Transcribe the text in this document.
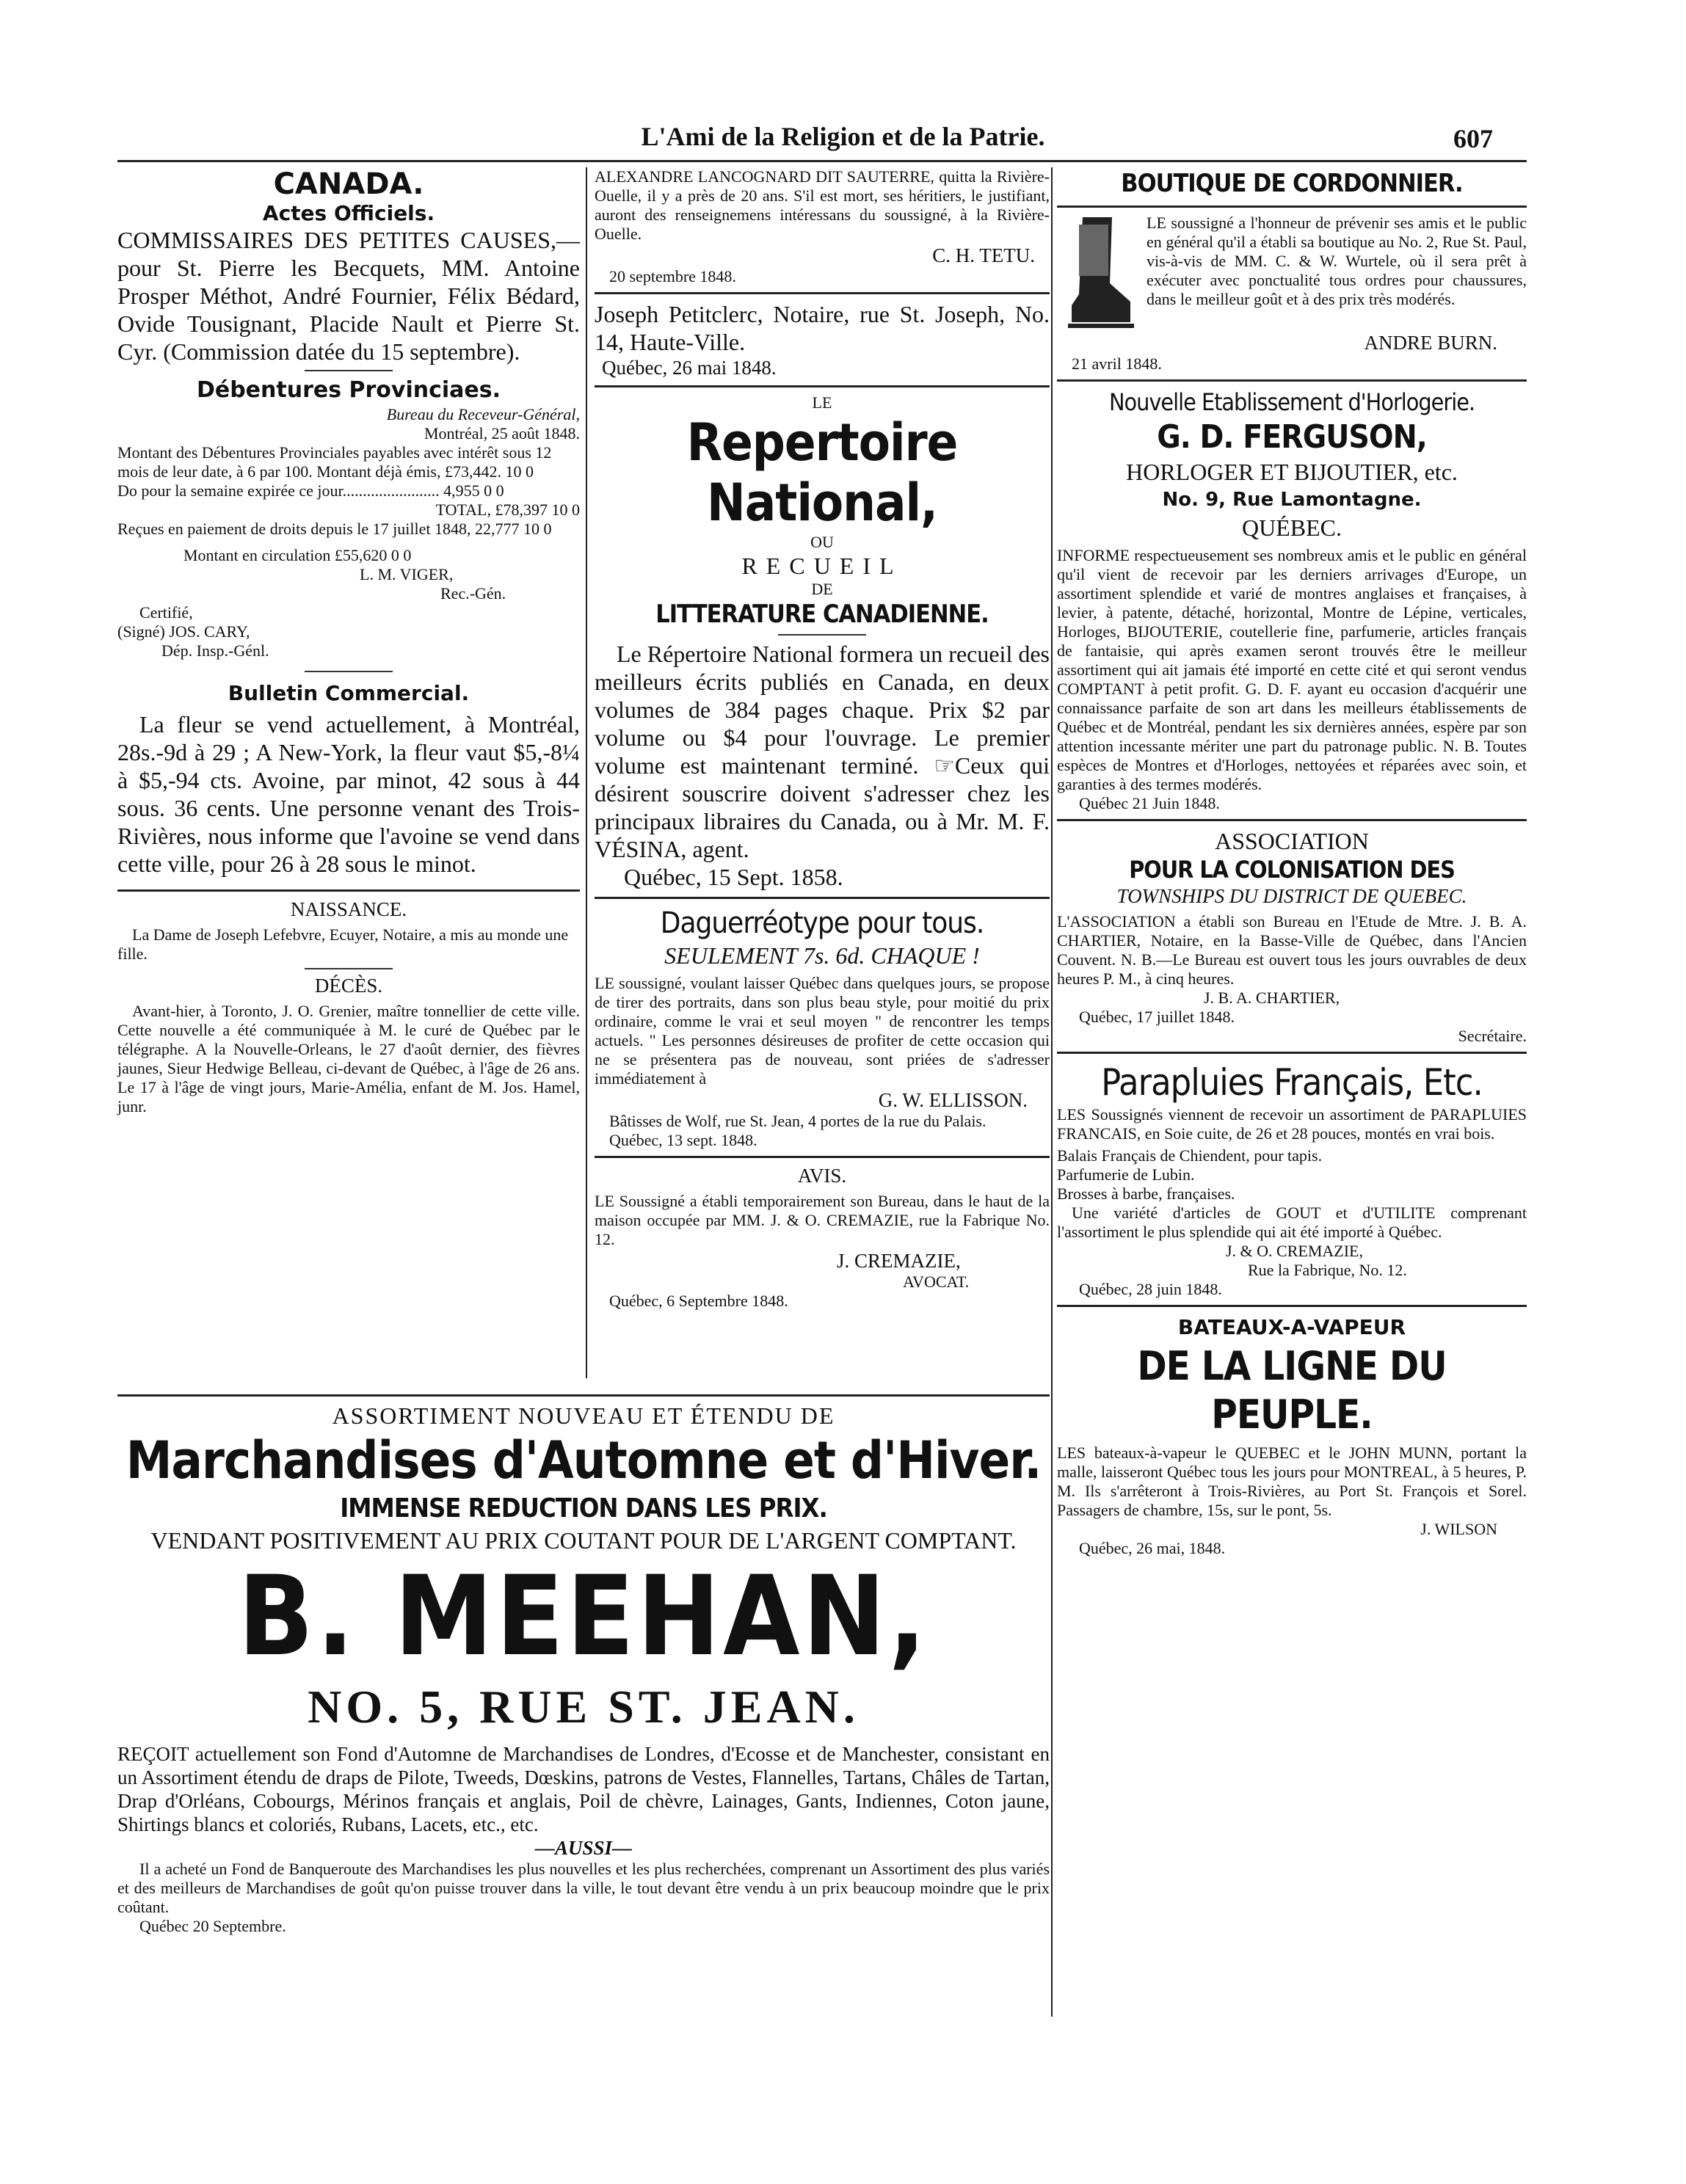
L'Ami de la Religion et de la Patrie.	607
CANADA.
Actes Officiels.

COMMISSAIRES DES PETITES CAUSES,—pour St. Pierre les Becquets, MM. Antoine Prosper Méthot, André Fournier, Félix Bédard, Ovide Tousignant, Placide Nault et Pierre St. Cyr. (Commission datée du 15 septembre).

Débentures Provinciaes.
Bureau du Receveur-Général,
Montréal, 25 août 1848.

Montant des Débentures Provinciales payables avec intérêt sous 12 mois de leur date, à 6 par 100. Montant déjà émis, £73,442. 10 0

Do pour la semaine expirée ce jour........................ 4,955 0 0

TOTAL, £78,397 10 0

Reçues en paiement de droits depuis le 17 juillet 1848, 22,777 10 0

Montant en circulation £55,620 0 0

L. M. VIGER,

Rec.-Gén.

Certifié,

(Signé) JOS. CARY,

Dép. Insp.-Génl.

Bulletin Commercial.

La fleur se vend actuellement, à Montréal, 28s.-9d à 29 ; A New-York, la fleur vaut $5,-8¼ à $5,-94 cts. Avoine, par minot, 42 sous à 44 sous. 36 cents. Une personne venant des Trois-Rivières, nous informe que l'avoine se vend dans cette ville, pour 26 à 28 sous le minot.

NAISSANCE.

La Dame de Joseph Lefebvre, Ecuyer, Notaire, a mis au monde une fille.

DÉCÈS.

Avant-hier, à Toronto, J. O. Grenier, maître tonnellier de cette ville. Cette nouvelle a été communiquée à M. le curé de Québec par le télégraphe. A la Nouvelle-Orleans, le 27 d'août dernier, des fièvres jaunes, Sieur Hedwige Belleau, ci-devant de Québec, à l'âge de 26 ans. Le 17 à l'âge de vingt jours, Marie-Amélia, enfant de M. Jos. Hamel, junr.

ALEXANDRE LANCOGNARD DIT SAUTERRE, quitta la Rivière-Ouelle, il y a près de 20 ans. S'il est mort, ses héritiers, le justifiant, auront des renseignemens intéressans du soussigné, à la Rivière-Ouelle.

C. H. TETU.

20 septembre 1848.

Joseph Petitclerc, Notaire, rue St. Joseph, No. 14, Haute-Ville.

Québec, 26 mai 1848.

LE
Repertoire National,
OU
RECUEIL
DE
LITTERATURE CANADIENNE.

Le Répertoire National formera un recueil des meilleurs écrits publiés en Canada, en deux volumes de 384 pages chaque. Prix $2 par volume ou $4 pour l'ouvrage. Le premier volume est maintenant terminé. ☞Ceux qui désirent souscrire doivent s'adresser chez les principaux libraires du Canada, ou à Mr. M. F. VÉSINA, agent.

Québec, 15 Sept. 1858.

Daguerréotype pour tous.
SEULEMENT 7s. 6d. CHAQUE !

LE soussigné, voulant laisser Québec dans quelques jours, se propose de tirer des portraits, dans son plus beau style, pour moitié du prix ordinaire, comme le vrai et seul moyen " de rencontrer les temps actuels. " Les personnes désireuses de profiter de cette occasion qui ne se présentera pas de nouveau, sont priées de s'adresser immédiatement à

G. W. ELLISSON.

Bâtisses de Wolf, rue St. Jean, 4 portes de la rue du Palais.

Québec, 13 sept. 1848.

AVIS.

LE Soussigné a établi temporairement son Bureau, dans le haut de la maison occupée par MM. J. & O. CREMAZIE, rue la Fabrique No. 12.

J. CREMAZIE,

AVOCAT.

Québec, 6 Septembre 1848.

BOUTIQUE DE CORDONNIER.

LE soussigné a l'honneur de prévenir ses amis et le public en général qu'il a établi sa boutique au No. 2, Rue St. Paul, vis-à-vis de MM. C. & W. Wurtele, où il sera prêt à exécuter avec ponctualité tous ordres pour chaussures, dans le meilleur goût et à des prix très modérés.

ANDRE BURN.

21 avril 1848.

Nouvelle Etablissement d'Horlogerie.
G. D. FERGUSON,
HORLOGER ET BIJOUTIER, etc.
No. 9, Rue Lamontagne.
QUÉBEC.

INFORME respectueusement ses nombreux amis et le public en général qu'il vient de recevoir par les derniers arrivages d'Europe, un assortiment splendide et varié de montres anglaises et françaises, à levier, à patente, détaché, horizontal, Montre de Lépine, verticales, Horloges, BIJOUTERIE, coutellerie fine, parfumerie, articles français de fantaisie, qui après examen seront trouvés être le meilleur assortiment qui ait jamais été importé en cette cité et qui seront vendus COMPTANT à petit profit. G. D. F. ayant eu occasion d'acquérir une connaissance parfaite de son art dans les meilleurs établissements de Québec et de Montréal, pendant les six dernières années, espère par son attention incessante mériter une part du patronage public. N. B. Toutes espèces de Montres et d'Horloges, nettoyées et réparées avec soin, et garanties à des termes modérés.

Québec 21 Juin 1848.

ASSOCIATION
POUR LA COLONISATION DES
TOWNSHIPS DU DISTRICT DE QUEBEC.

L'ASSOCIATION a établi son Bureau en l'Etude de Mtre. J. B. A. CHARTIER, Notaire, en la Basse-Ville de Québec, dans l'Ancien Couvent. N. B.—Le Bureau est ouvert tous les jours ouvrables de deux heures P. M., à cinq heures.

J. B. A. CHARTIER,

Québec, 17 juillet 1848.

Secrétaire.

Parapluies Français, Etc.

LES Soussignés viennent de recevoir un assortiment de PARAPLUIES FRANCAIS, en Soie cuite, de 26 et 28 pouces, montés en vrai bois.

Balais Français de Chiendent, pour tapis.

Parfumerie de Lubin.

Brosses à barbe, françaises.

Une variété d'articles de GOUT et d'UTILITE comprenant l'assortiment le plus splendide qui ait été importé à Québec.

J. & O. CREMAZIE,

Rue la Fabrique, No. 12.

Québec, 28 juin 1848.

BATEAUX-A-VAPEUR
DE LA LIGNE DU PEUPLE.

LES bateaux-à-vapeur le QUEBEC et le JOHN MUNN, portant la malle, laisseront Québec tous les jours pour MONTREAL, à 5 heures, P. M. Ils s'arrêteront à Trois-Rivières, au Port St. François et Sorel. Passagers de chambre, 15s, sur le pont, 5s.

J. WILSON

Québec, 26 mai, 1848.

ASSORTIMENT NOUVEAU ET ÉTENDU DE
Marchandises d'Automne et d'Hiver.
IMMENSE REDUCTION DANS LES PRIX.
VENDANT POSITIVEMENT AU PRIX COUTANT POUR DE L'ARGENT COMPTANT.
B. MEEHAN,
NO. 5, RUE ST. JEAN.

REÇOIT actuellement son Fond d'Automne de Marchandises de Londres, d'Ecosse et de Manchester, consistant en un Assortiment étendu de draps de Pilote, Tweeds, Dœskins, patrons de Vestes, Flannelles, Tartans, Châles de Tartan, Drap d'Orléans, Cobourgs, Mérinos français et anglais, Poil de chèvre, Lainages, Gants, Indiennes, Coton jaune, Shirtings blancs et coloriés, Rubans, Lacets, etc., etc.

—AUSSI—

Il a acheté un Fond de Banqueroute des Marchandises les plus nouvelles et les plus recherchées, comprenant un Assortiment des plus variés et des meilleurs de Marchandises de goût qu'on puisse trouver dans la ville, le tout devant être vendu à un prix beaucoup moindre que le prix coûtant.

Québec 20 Septembre.
